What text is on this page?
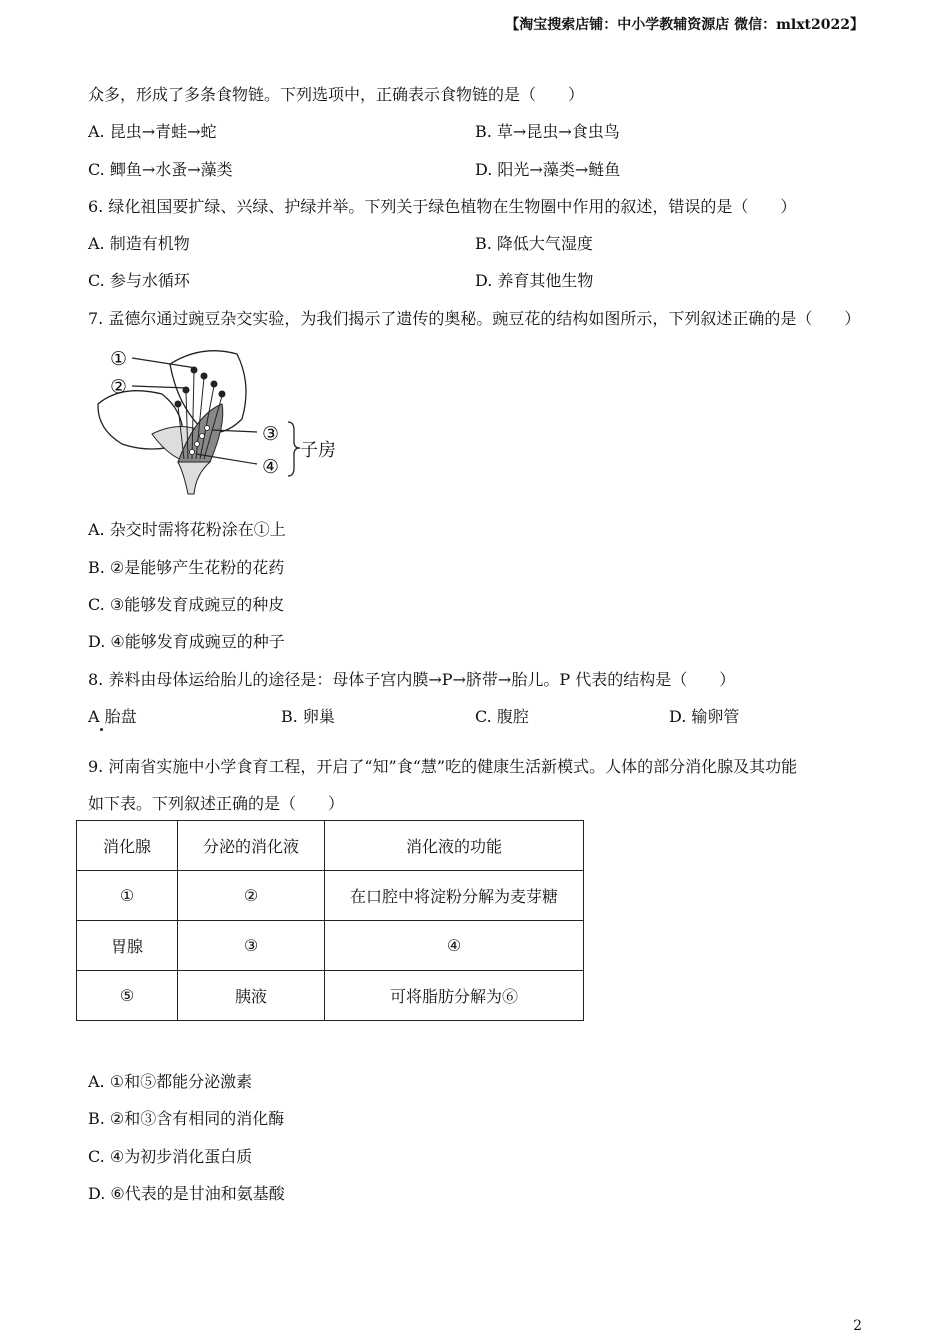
【淘宝搜索店铺：中小学教辅资源店 微信：mlxt2022】
众多，形成了多条食物链。下列选项中，正确表示食物链的是（　　）
A. 昆虫→青蛙→蛇	B. 草→昆虫→食虫鸟
C. 鲫鱼→水蚤→藻类	D. 阳光→藻类→鲢鱼
6. 绿化祖国要扩绿、兴绿、护绿并举。下列关于绿色植物在生物圈中作用的叙述，错误的是（　　）
A. 制造有机物	B. 降低大气湿度
C. 参与水循环	D. 养育其他生物
7. 孟德尔通过豌豆杂交实验，为我们揭示了遗传的奥秘。豌豆花的结构如图所示，下列叙述正确的是（　　）
①
②
③
④
子房
A. 杂交时需将花粉涂在①上
B. ②是能够产生花粉的花药
C. ③能够发育成豌豆的种皮
D. ④能够发育成豌豆的种子
8. 养料由母体运给胎儿的途径是：母体子宫内膜→P→脐带→胎儿。P 代表的结构是（　　）
A 胎盘	B. 卵巢	C. 腹腔	D. 输卵管
9. 河南省实施中小学食育工程，开启了“知”食“慧”吃的健康生活新模式。人体的部分消化腺及其功能
如下表。下列叙述正确的是（　　）
消化腺	分泌的消化液	消化液的功能
①	②	在口腔中将淀粉分解为麦芽糖
胃腺	③	④
⑤	胰液	可将脂肪分解为⑥
A. ①和⑤都能分泌激素
B. ②和③含有相同的消化酶
C. ④为初步消化蛋白质
D. ⑥代表的是甘油和氨基酸
2
